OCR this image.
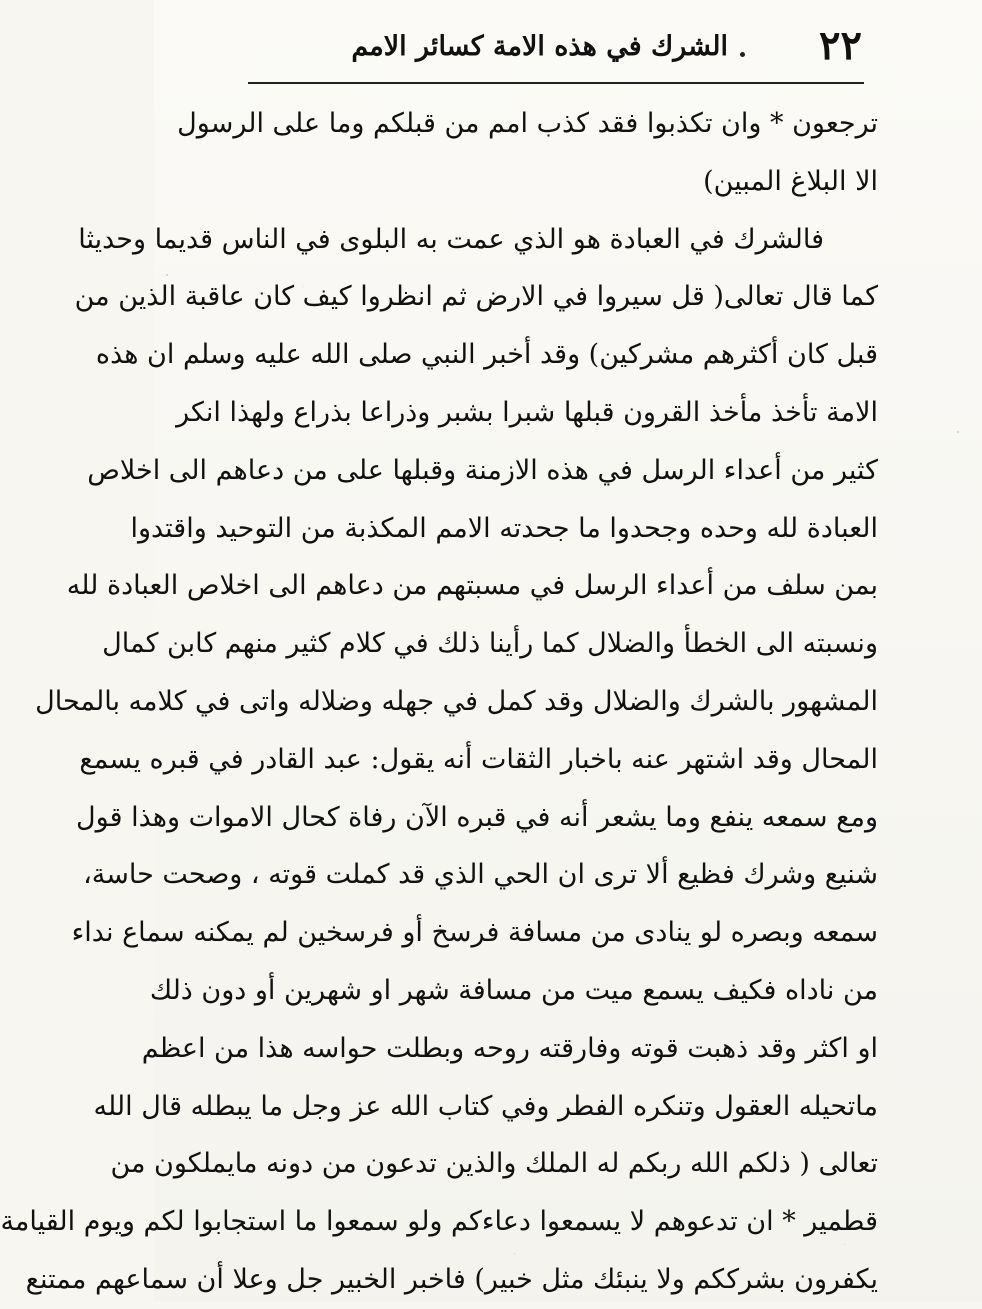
٢٢
الشرك في هذه الامة كسائر الامم
ترجعون * وان تكذبوا فقد كذب امم من قبلكم وما على الرسول
الا البلاغ المبين)
فالشرك في العبادة هو الذي عمت به البلوى في الناس قديما وحديثا
كما قال تعالى( قل سيروا في الارض ثم انظروا كيف كان عاقبة الذين من
قبل كان أكثرهم مشركين) وقد أخبر النبي صلى الله عليه وسلم ان هذه
الامة تأخذ مأخذ القرون قبلها شبرا بشبر وذراعا بذراع ولهذا انكر
كثير من أعداء الرسل في هذه الازمنة وقبلها على من دعاهم الى اخلاص
العبادة لله وحده وجحدوا ما جحدته الامم المكذبة من التوحيد واقتدوا
بمن سلف من أعداء الرسل في مسبتهم من دعاهم الى اخلاص العبادة لله
ونسبته الى الخطأ والضلال كما رأينا ذلك في كلام كثير منهم كابن كمال
المشهور بالشرك والضلال وقد كمل في جهله وضلاله واتى في كلامه بالمحال
المحال وقد اشتهر عنه باخبار الثقات أنه يقول: عبد القادر في قبره يسمع
ومع سمعه ينفع وما يشعر أنه في قبره الآن رفاة كحال الاموات وهذا قول
شنيع وشرك فظيع ألا ترى ان الحي الذي قد كملت قوته ، وصحت حاسة،
سمعه وبصره لو ينادى من مسافة فرسخ أو فرسخين لم يمكنه سماع نداء
من ناداه فكيف يسمع ميت من مسافة شهر او شهرين أو دون ذلك
او اكثر وقد ذهبت قوته وفارقته روحه وبطلت حواسه هذا من اعظم
ماتحيله العقول وتنكره الفطر وفي كتاب الله عز وجل ما يبطله قال الله
تعالى ( ذلكم الله ربكم له الملك والذين تدعون من دونه مايملكون من
قطمير * ان تدعوهم لا يسمعوا دعاءكم ولو سمعوا ما استجابوا لكم ويوم القيامة
يكفرون بشرككم ولا ينبئك مثل خبير) فاخبر الخبير جل وعلا أن سماعهم ممتنع
